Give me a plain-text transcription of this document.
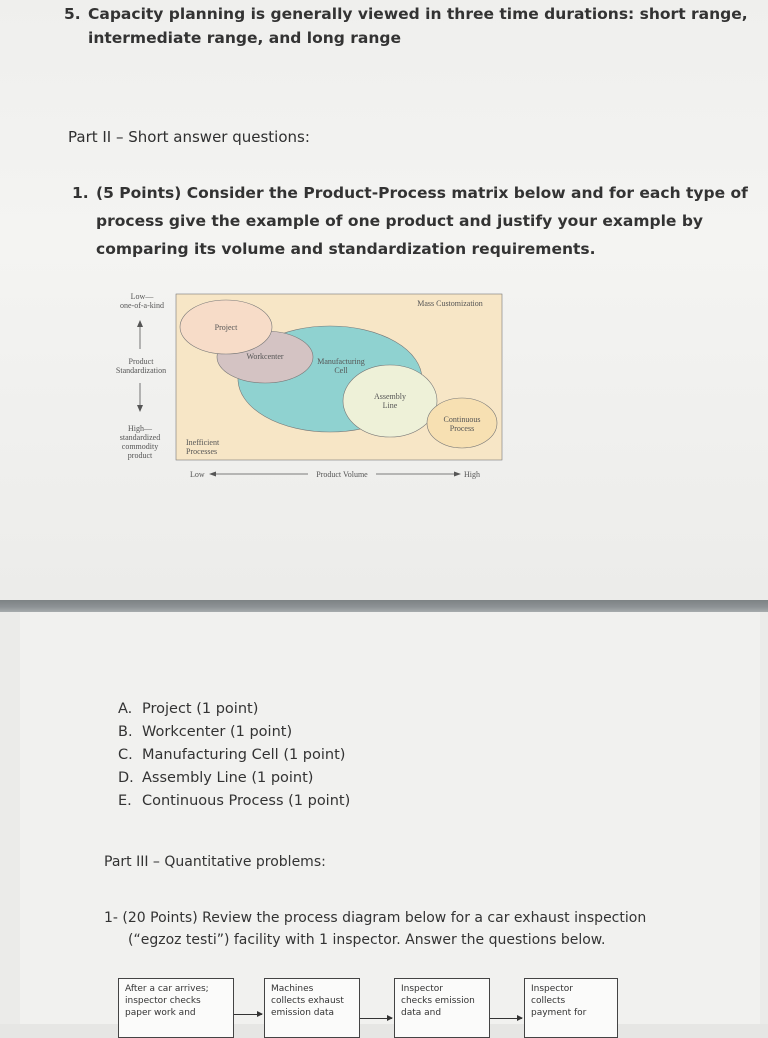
5. Capacity planning is generally viewed in three time durations: short range,
intermediate range, and long range
Part II – Short answer questions:
1. (5 Points) Consider the Product-Process matrix below and for each type of
process give the example of one product and justify your example by
comparing its volume and standardization requirements.
Low—
one-of-a-kind
Product
Standardization
High—
standardized
commodity
product
Mass Customization
Project
Workcenter
Manufacturing
Cell
Assembly
Line
Continuous
Process
Inefficient
Processes
Low	Product Volume	High
A. Project (1 point)
B. Workcenter (1 point)
C. Manufacturing Cell (1 point)
D. Assembly Line (1 point)
E. Continuous Process (1 point)
Part III – Quantitative problems:
1- (20 Points) Review the process diagram below for a car exhaust inspection
(“egzoz testi”) facility with 1 inspector. Answer the questions below.
After a car arrives;
inspector checks
paper work and
Machines
collects exhaust
emission data
Inspector
checks emission
data and
Inspector
collects
payment for
